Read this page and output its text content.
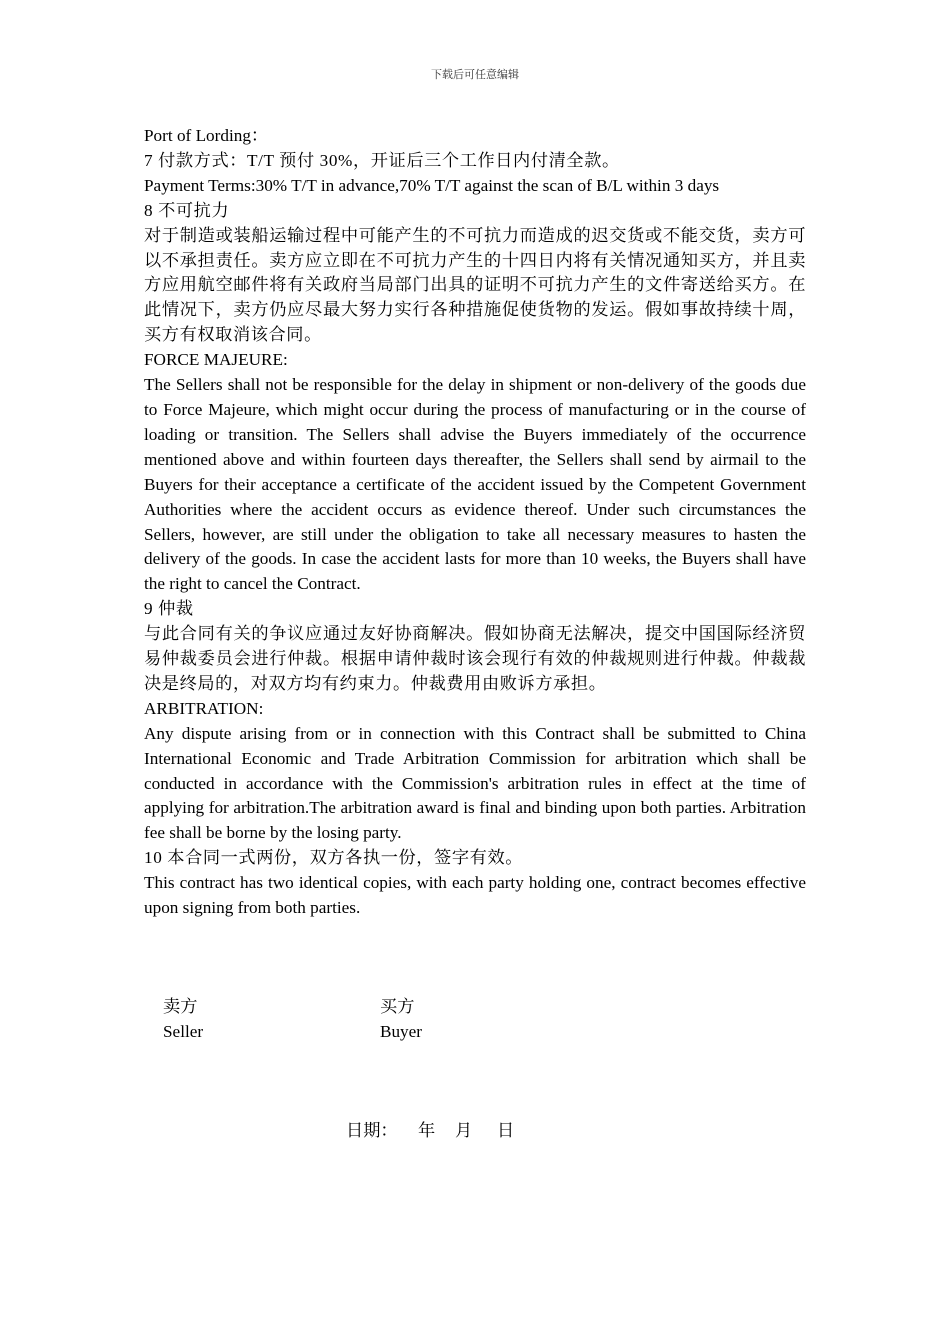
下载后可任意编辑

Port of Lording：

7 付款方式：T/T 预付 30%，开证后三个工作日内付清全款。

Payment Terms:30% T/T in advance,70% T/T against the scan of B/L within 3 days

8 不可抗力

对于制造或装船运输过程中可能产生的不可抗力而造成的迟交货或不能交货，卖方可以不承担责任。卖方应立即在不可抗力产生的十四日内将有关情况通知买方，并且卖方应用航空邮件将有关政府当局部门出具的证明不可抗力产生的文件寄送给买方。在此情况下，卖方仍应尽最大努力实行各种措施促使货物的发运。假如事故持续十周，买方有权取消该合同。

FORCE MAJEURE:

The Sellers shall not be responsible for the delay in shipment or non-delivery of the goods due to Force Majeure, which might occur during the process of manufacturing or in the course of loading or transition. The Sellers shall advise the Buyers immediately of the occurrence mentioned above and within fourteen days thereafter, the Sellers shall send by airmail to the Buyers for their acceptance a certificate of the accident issued by the Competent Government Authorities where the accident occurs as evidence thereof. Under such circumstances the Sellers, however, are still under the obligation to take all necessary measures to hasten the delivery of the goods. In case the accident lasts for more than 10 weeks, the Buyers shall have the right to cancel the Contract.

9 仲裁

与此合同有关的争议应通过友好协商解决。假如协商无法解决，提交中国国际经济贸易仲裁委员会进行仲裁。根据申请仲裁时该会现行有效的仲裁规则进行仲裁。仲裁裁决是终局的，对双方均有约束力。仲裁费用由败诉方承担。

ARBITRATION:

Any dispute arising from or in connection with this Contract shall be submitted to China International Economic and Trade Arbitration Commission for arbitration which shall be conducted in accordance with the Commission's arbitration rules in effect at the time of applying for arbitration.The arbitration award is final and binding upon both parties. Arbitration fee shall be borne by the losing party.

10 本合同一式两份，双方各执一份，签字有效。

This contract has two identical copies, with each party holding one, contract becomes effective upon signing from both parties.

卖方
Seller
买方
Buyer
日期： 年 月 日
